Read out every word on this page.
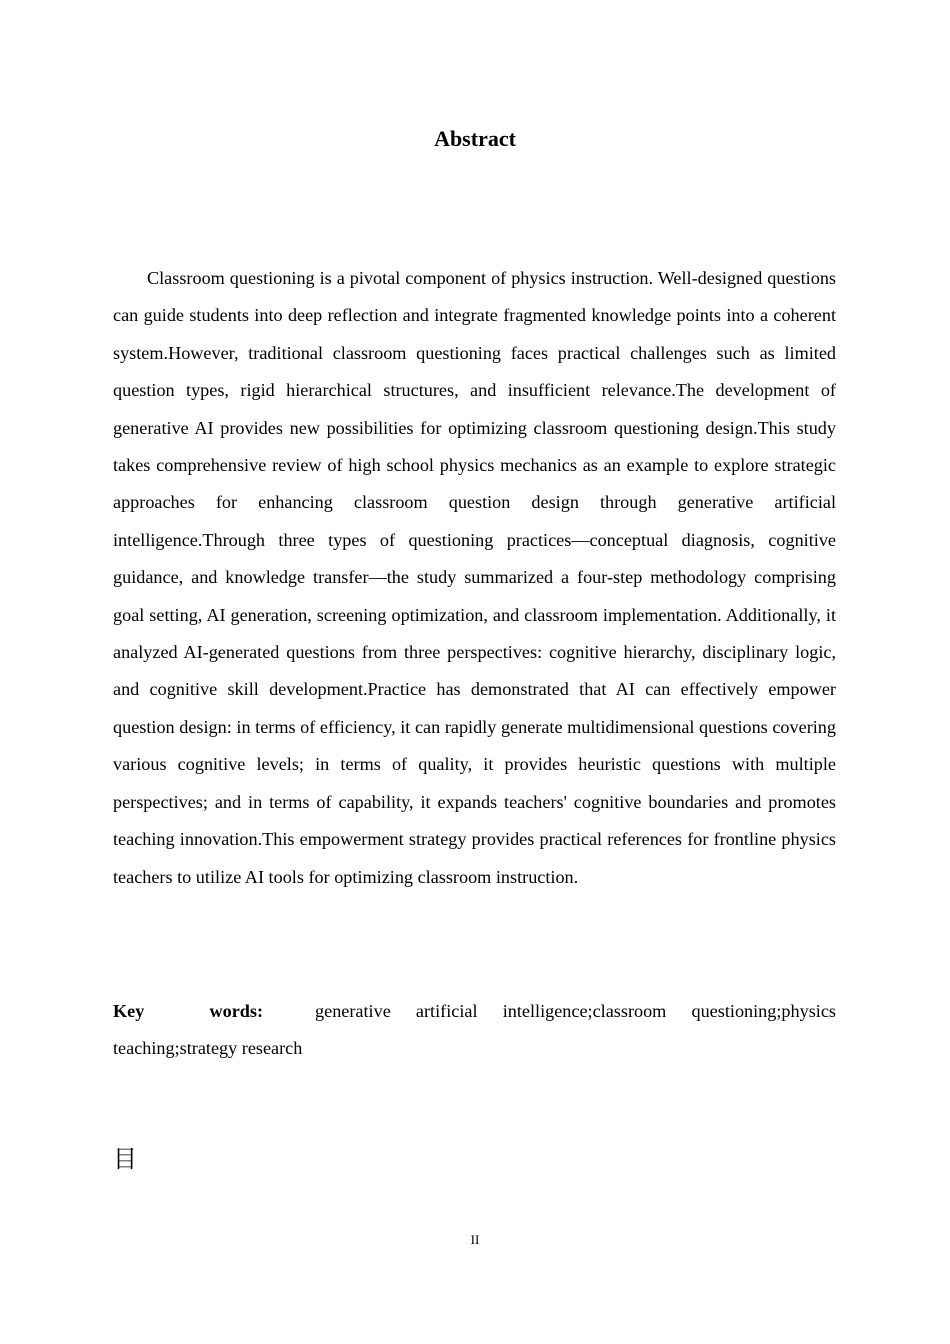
Abstract

Classroom questioning is a pivotal component of physics instruction. Well-designed questions can guide students into deep reflection and integrate fragmented knowledge points into a coherent system.However, traditional classroom questioning faces practical challenges such as limited question types, rigid hierarchical structures, and insufficient relevance.The development of generative AI provides new possibilities for optimizing classroom questioning design.This study takes comprehensive review of high school physics mechanics as an example to explore strategic approaches for enhancing classroom question design through generative artificial intelligence.Through three types of questioning practices—conceptual diagnosis, cognitive guidance, and knowledge transfer—the study summarized a four-step methodology comprising goal setting, AI generation, screening optimization, and classroom implementation. Additionally, it analyzed AI-generated questions from three perspectives: cognitive hierarchy, disciplinary logic, and cognitive skill development.Practice has demonstrated that AI can effectively empower question design: in terms of efficiency, it can rapidly generate multidimensional questions covering various cognitive levels; in terms of quality, it provides heuristic questions with multiple perspectives; and in terms of capability, it expands teachers' cognitive boundaries and promotes teaching innovation.This empowerment strategy provides practical references for frontline physics teachers to utilize AI tools for optimizing classroom instruction.

Key words:	generative artificial intelligence;classroom questioning;physics teaching;strategy research

目
II
